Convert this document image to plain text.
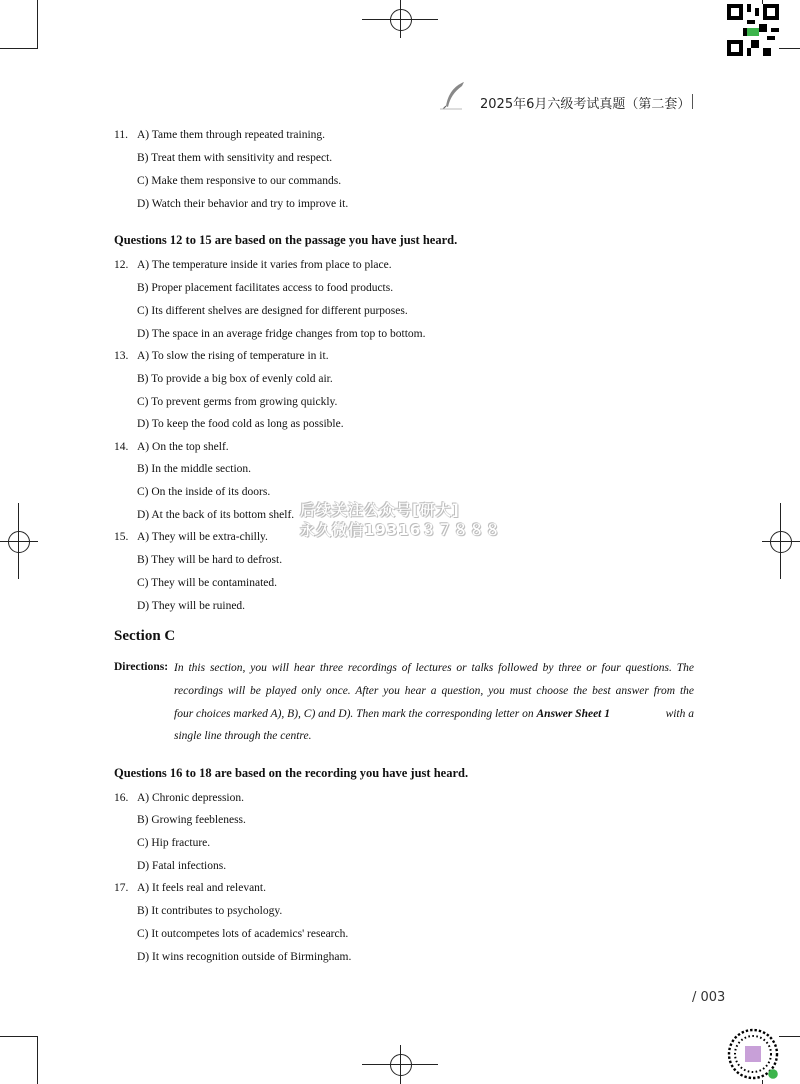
2025年6月六级考试真题（第二套）
11. A) Tame them through repeated training.
B) Treat them with sensitivity and respect.
C) Make them responsive to our commands.
D) Watch their behavior and try to improve it.
Questions 12 to 15 are based on the passage you have just heard.
12. A) The temperature inside it varies from place to place.
B) Proper placement facilitates access to food products.
C) Its different shelves are designed for different purposes.
D) The space in an average fridge changes from top to bottom.
13. A) To slow the rising of temperature in it.
B) To provide a big box of evenly cold air.
C) To prevent germs from growing quickly.
D) To keep the food cold as long as possible.
14. A) On the top shelf.
B) In the middle section.
C) On the inside of its doors.
D) At the back of its bottom shelf.
15. A) They will be extra-chilly.
B) They will be hard to defrost.
C) They will be contaminated.
D) They will be ruined.
后续关注公众号[研大]
永久微信19316３７８８８
Section C
Directions: In this section, you will hear three recordings of lectures or talks followed by three or four questions. The
recordings will be played only once. After you hear a question, you must choose the best answer from the
four choices marked A), B), C) and D). Then mark the corresponding letter on Answer Sheet 1	with a
single line through the centre.
Questions 16 to 18 are based on the recording you have just heard.
16. A) Chronic depression.
B) Growing feebleness.
C) Hip fracture.
D) Fatal infections.
17. A) It feels real and relevant.
B) It contributes to psychology.
C) It outcompetes lots of academics' research.
D) It wins recognition outside of Birmingham.
/ 003
